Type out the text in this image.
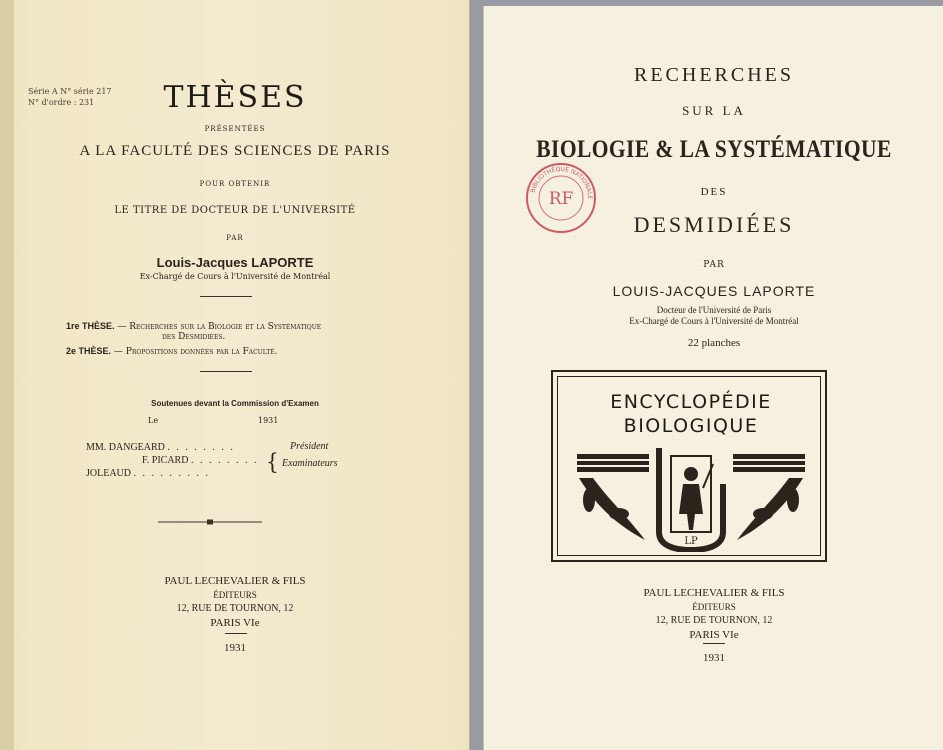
Série A N° série 217
N° d'ordre : 231	THÈSES
PRÉSENTÉES
A LA FACULTÉ DES SCIENCES DE PARIS
POUR OBTENIR
LE TITRE DE DOCTEUR DE L'UNIVERSITÉ
PAR
Louis-Jacques LAPORTE
Ex-Chargé de Cours à l'Université de Montréal
1re THÈSE. — Recherches sur la Biologie et la Systématique
des Desmidiées.
2e THÈSE. — Propositions données par la Faculté.
Soutenues devant la Commission d'Examen
Le	1931
MM. DANGEARD . . . . . . . .
F. PICARD . . . . . . . .
JOLEAUD . . . . . . . . .
Président
{ Examinateurs
PAUL LECHEVALIER & FILS
ÉDITEURS
12, RUE DE TOURNON, 12
PARIS VIe
1931
RECHERCHES
SUR LA
BIOLOGIE & LA SYSTÉMATIQUE
DES
DESMIDIÉES
RF
BIBLIOTHÈQUE NATIONALE
PAR
LOUIS-JACQUES LAPORTE
Docteur de l'Université de Paris
Ex-Chargé de Cours à l'Université de Montréal
22 planches
ENCYCLOPÉDIE
BIOLOGIQUE
LP
PAUL LECHEVALIER & FILS
ÉDITEURS
12, RUE DE TOURNON, 12
PARIS VIe
1931
